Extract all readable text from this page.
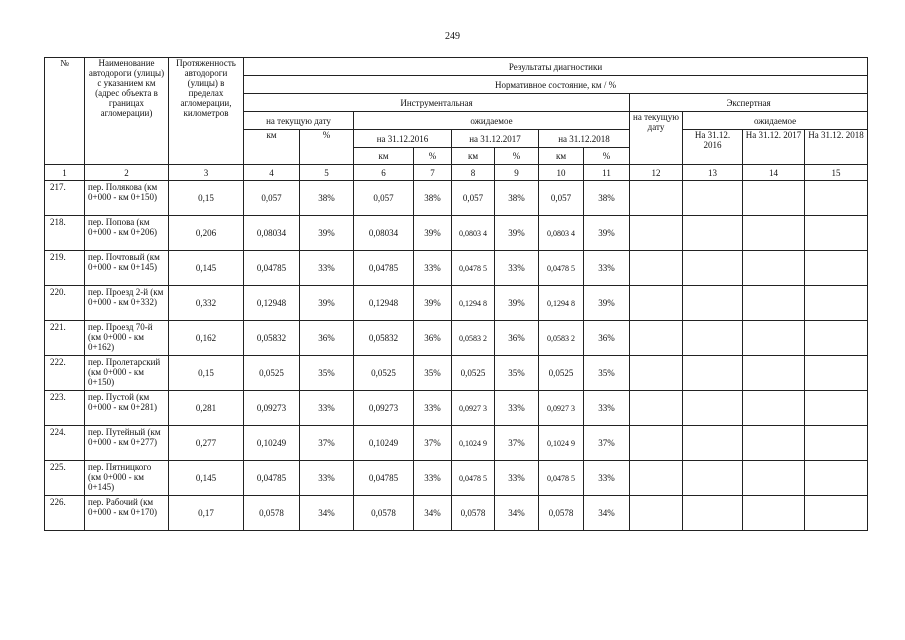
249
№	Наименование автодороги (улицы) с указанием км (адрес объекта в границах агломерации)	Протяженность автодороги (улицы) в пределах агломерации, километров	Результаты диагностики											
			Нормативное состояние, км / %											
			Инструментальная								Экспертная			
			на текущую дату		ожидаемое						на текущую дату	ожидаемое		
			км	%	на 31.12.2016		на 31.12.2017		на 31.12.2018			На 31.12. 2016	На 31.12. 2017	На 31.12. 2018
					км	%	км	%	км	%				
1	2	3	4	5	6	7	8	9	10	11	12	13	14	15
217.	пер. Полякова (км 0+000 - км 0+150)	0,15	0,057	38%	0,057	38%	0,057	38%	0,057	38%				
218.	пер. Попова (км 0+000 - км 0+206)	0,206	0,08034	39%	0,08034	39%	0,0803 4	39%	0,0803 4	39%				
219.	пер. Почтовый (км 0+000 - км 0+145)	0,145	0,04785	33%	0,04785	33%	0,0478 5	33%	0,0478 5	33%				
220.	пер. Проезд 2-й (км 0+000 - км 0+332)	0,332	0,12948	39%	0,12948	39%	0,1294 8	39%	0,1294 8	39%				
221.	пер. Проезд 70-й (км 0+000 - км 0+162)	0,162	0,05832	36%	0,05832	36%	0,0583 2	36%	0,0583 2	36%				
222.	пер. Пролетарский (км 0+000 - км 0+150)	0,15	0,0525	35%	0,0525	35%	0,0525	35%	0,0525	35%				
223.	пер. Пустой (км 0+000 - км 0+281)	0,281	0,09273	33%	0,09273	33%	0,0927 3	33%	0,0927 3	33%				
224.	пер. Путейный (км 0+000 - км 0+277)	0,277	0,10249	37%	0,10249	37%	0,1024 9	37%	0,1024 9	37%				
225.	пер. Пятницкого (км 0+000 - км 0+145)	0,145	0,04785	33%	0,04785	33%	0,0478 5	33%	0,0478 5	33%				
226.	пер. Рабочий (км 0+000 - км 0+170)	0,17	0,0578	34%	0,0578	34%	0,0578	34%	0,0578	34%				
